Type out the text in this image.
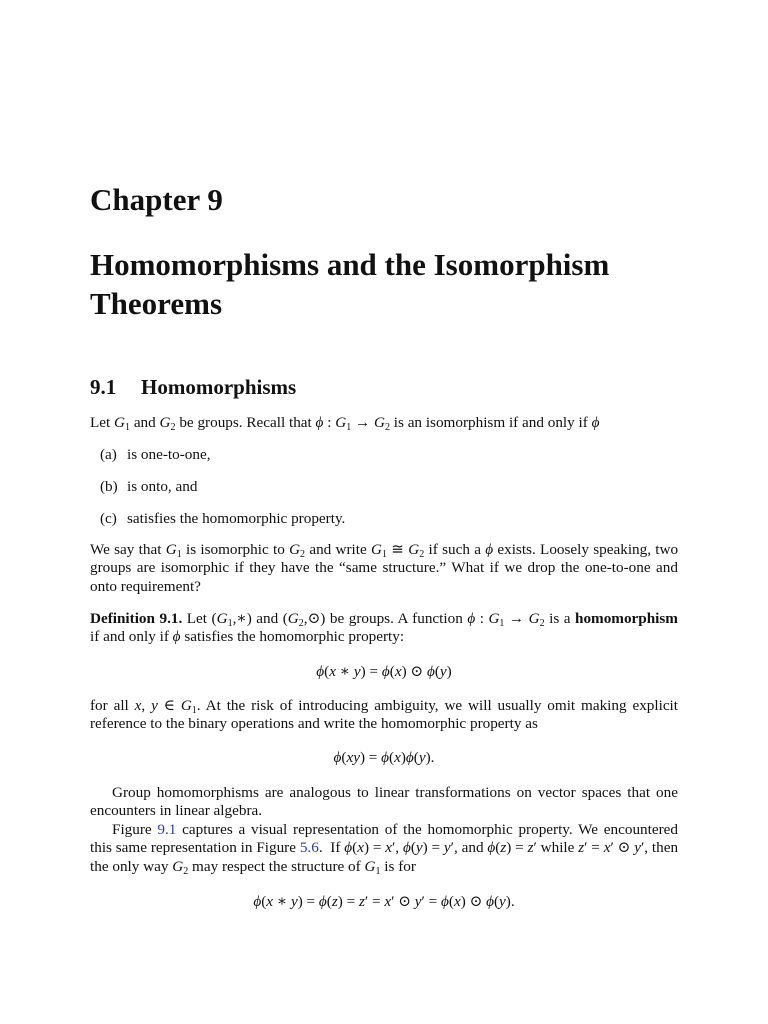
Chapter 9
Homomorphisms and the Isomorphism Theorems
9.1 Homomorphisms
Let $G_1$ and $G_2$ be groups. Recall that ϕ : $G_1 \to G_2$ is an isomorphism if and only if ϕ
(a) is one-to-one,
(b) is onto, and
(c) satisfies the homomorphic property.
We say that $G_1$ is isomorphic to $G_2$ and write $G_1$ ≅ $G_2$ if such a ϕ exists. Loosely speaking, two groups are isomorphic if they have the “same structure.” What if we drop the one-to-one and onto requirement?
Definition 9.1. Let $(G_1,∗)$ and $(G_2,⊙)$ be groups. A function ϕ : $G_1 \to G_2$ is a homomorphism if and only if ϕ satisfies the homomorphic property:
ϕ(x ∗ y) = ϕ(x) ⊙ ϕ(y)
for all x, y ∈ $G_1$. At the risk of introducing ambiguity, we will usually omit making explicit reference to the binary operations and write the homomorphic property as
ϕ(xy) = ϕ(x)ϕ(y).
Group homomorphisms are analogous to linear transformations on vector spaces that one encounters in linear algebra.
Figure 9.1 captures a visual representation of the homomorphic property. We encountered this same representation in Figure 5.6.  If ϕ(x) = x′, ϕ(y) = y′, and ϕ(z) = z′ while z′ = x′ ⊙ y′, then the only way $G_2$ may respect the structure of $G_1$ is for
ϕ(x ∗ y) = ϕ(z) = z′ = x′ ⊙ y′ = ϕ(x) ⊙ ϕ(y).
